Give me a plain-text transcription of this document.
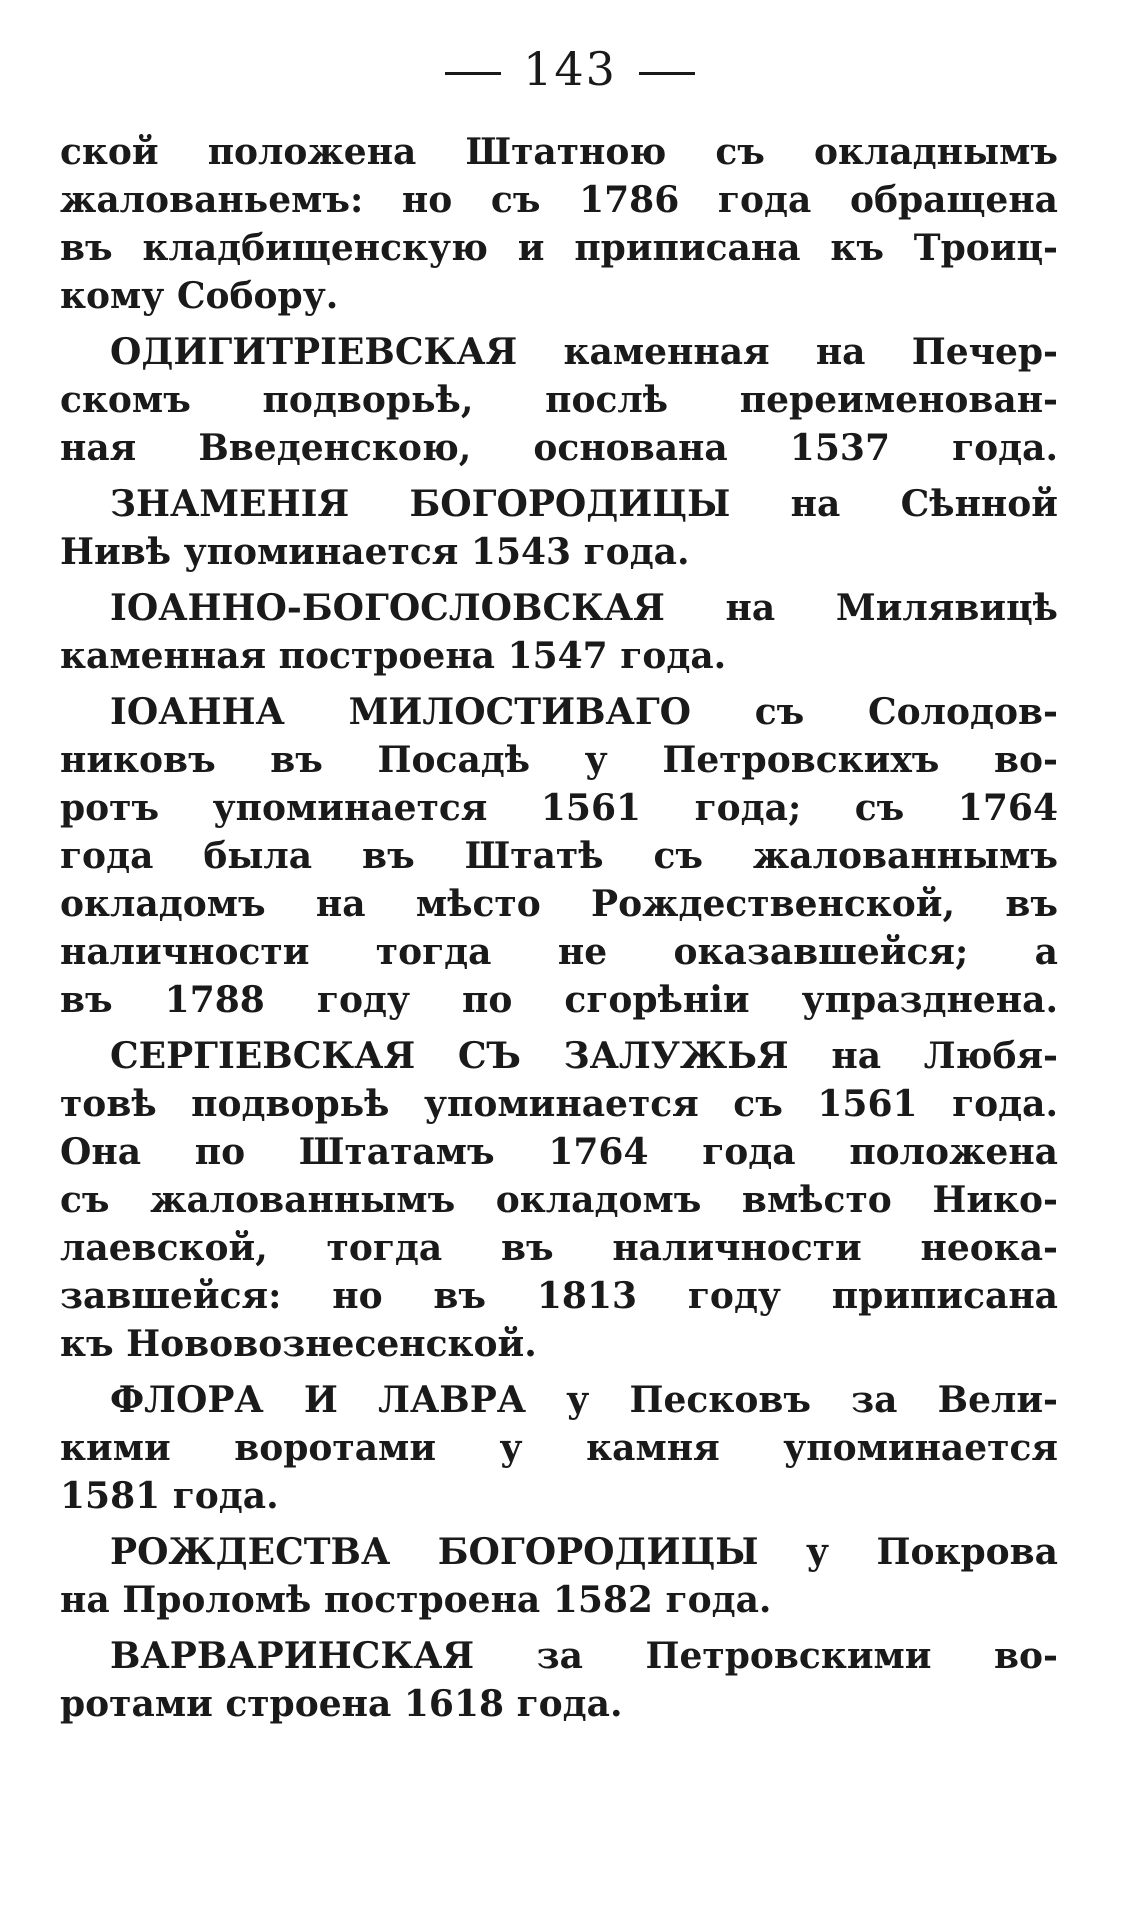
143
ской положена Штатною съ окладнымъ
жалованьемъ: но съ 1786 года обращена
въ кладбищенскую и приписана къ Троиц-
кому Собору.
ОДИГИТРІЕВСКАЯ каменная на Печер-
скомъ подворьѣ, послѣ переименован-
ная Введенскою, основана 1537 года.
ЗНАМЕНІЯ БОГОРОДИЦЫ на Сѣнной
Нивѣ упоминается 1543 года.
ІОАННО-БОГОСЛОВСКАЯ на Милявицѣ
каменная построена 1547 года.
ІОАННА МИЛОСТИВАГО съ Солодов-
никовъ въ Посадѣ у Петровскихъ во-
ротъ упоминается 1561 года; съ 1764
года была въ Штатѣ съ жалованнымъ
окладомъ на мѣсто Рождественской, въ
наличности тогда не оказавшейся; а
въ 1788 году по сгорѣніи упразднена.
СЕРГІЕВСКАЯ СЪ ЗАЛУЖЬЯ на Любя-
товѣ подворьѣ упоминается съ 1561 года.
Она по Штатамъ 1764 года положена
съ жалованнымъ окладомъ вмѣсто Нико-
лаевской, тогда въ наличности неока-
завшейся: но въ 1813 году приписана
къ Нововознесенской.
ФЛОРА И ЛАВРА у Песковъ за Вели-
кими воротами у камня упоминается
1581 года.
РОЖДЕСТВА БОГОРОДИЦЫ у Покрова
на Проломѣ построена 1582 года.
ВАРВАРИНСКАЯ за Петровскими во-
ротами строена 1618 года.
